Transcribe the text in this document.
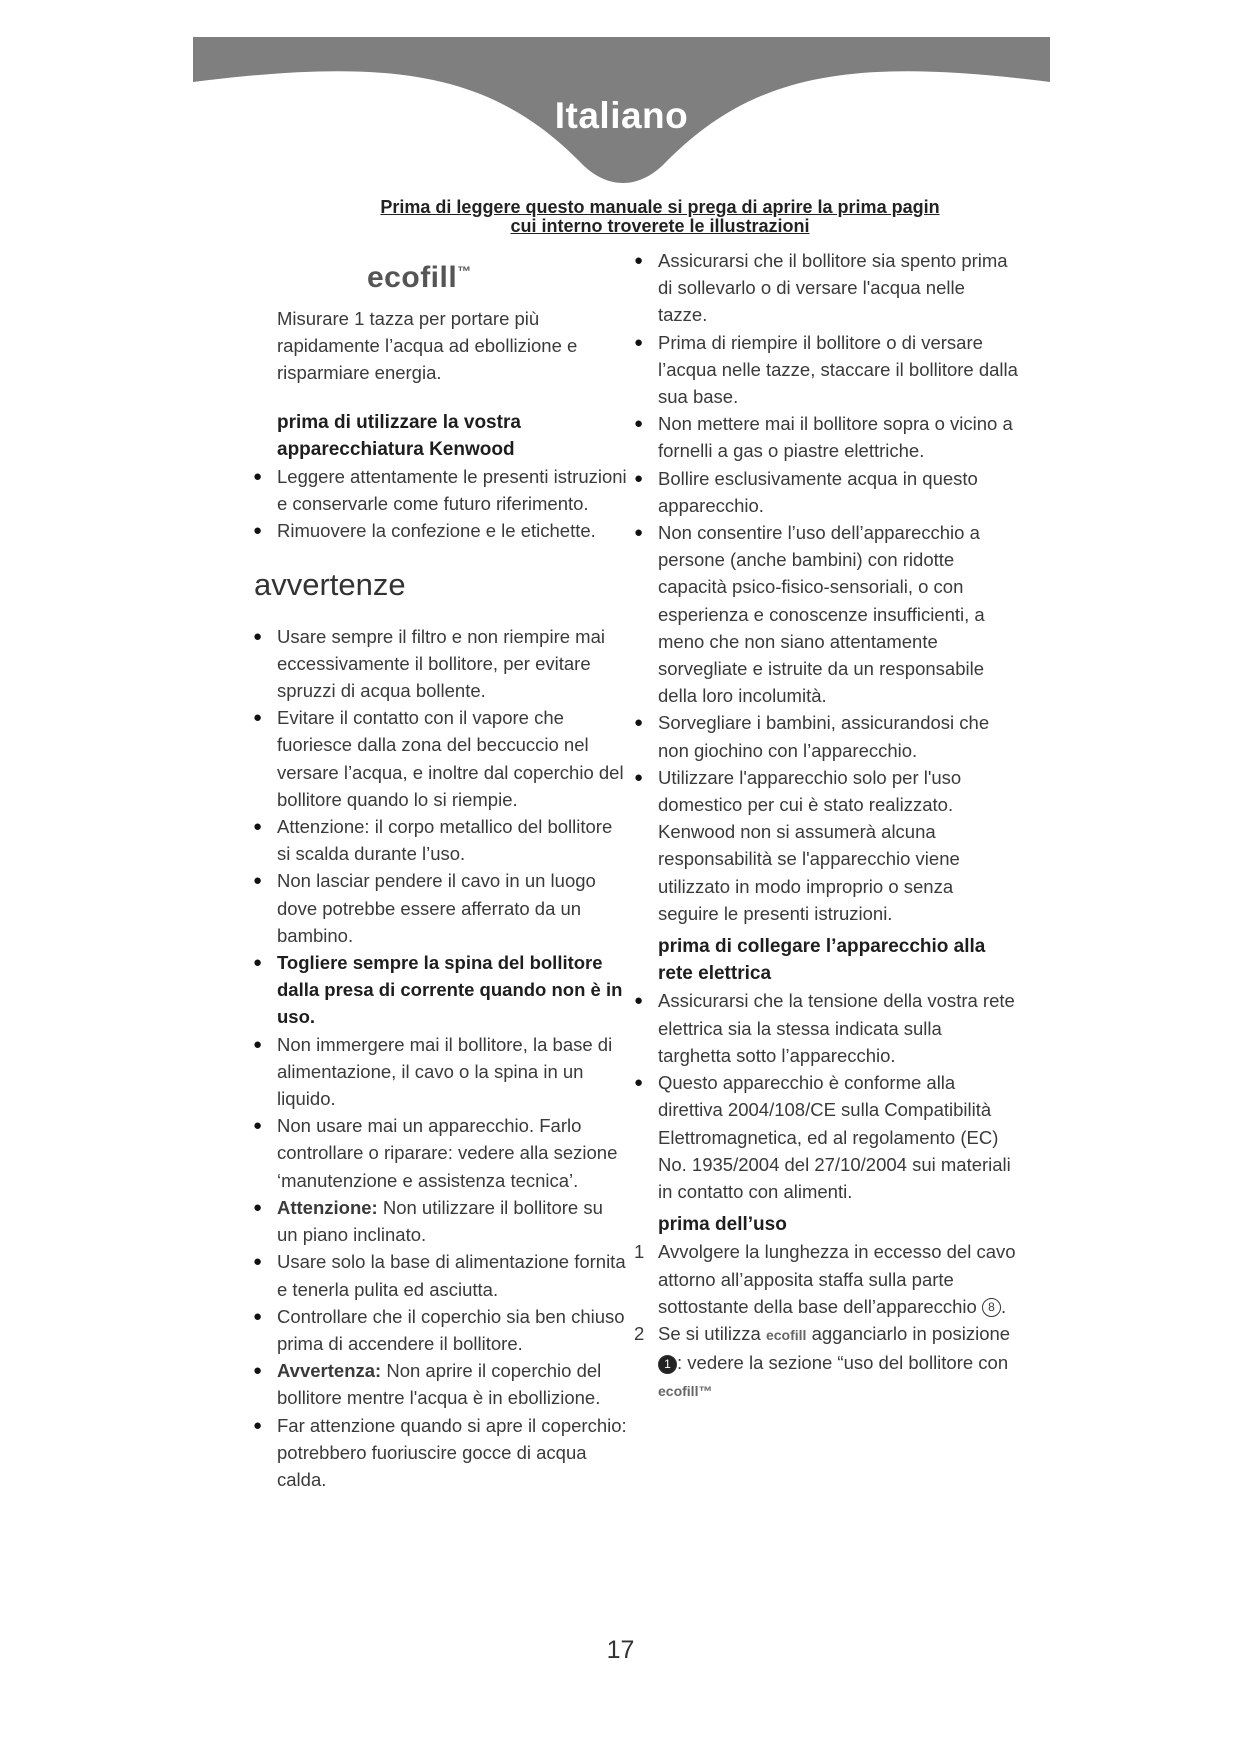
Italiano
Prima di leggere questo manuale si prega di aprire la prima pagin
cui interno troverete le illustrazioni
ecofill™

Misurare 1 tazza per portare più rapidamente l’acqua ad ebollizione e risparmiare energia.

prima di utilizzare la vostra apparecchiatura Kenwood

● Leggere attentamente le presenti istruzioni e conservarle come futuro riferimento.
● Rimuovere la confezione e le etichette.
avvertenze
● Usare sempre il filtro e non riempire mai eccessivamente il bollitore, per evitare spruzzi di acqua bollente.
● Evitare il contatto con il vapore che fuoriesce dalla zona del beccuccio nel versare l’acqua, e inoltre dal coperchio del bollitore quando lo si riempie.
● Attenzione: il corpo metallico del bollitore si scalda durante l’uso.
● Non lasciar pendere il cavo in un luogo dove potrebbe essere afferrato da un bambino.
● Togliere sempre la spina del bollitore dalla presa di corrente quando non è in uso.
● Non immergere mai il bollitore, la base di alimentazione, il cavo o la spina in un liquido.
● Non usare mai un apparecchio. Farlo controllare o riparare: vedere alla sezione ‘manutenzione e assistenza tecnica’.
● Attenzione: Non utilizzare il bollitore su un piano inclinato.
● Usare solo la base di alimentazione fornita e tenerla pulita ed asciutta.
● Controllare che il coperchio sia ben chiuso prima di accendere il bollitore.
● Avvertenza: Non aprire il coperchio del bollitore mentre l'acqua è in ebollizione.
● Far attenzione quando si apre il coperchio: potrebbero fuoriuscire gocce di acqua calda.
● Assicurarsi che il bollitore sia spento prima di sollevarlo o di versare l'acqua nelle tazze.
● Prima di riempire il bollitore o di versare l’acqua nelle tazze, staccare il bollitore dalla sua base.
● Non mettere mai il bollitore sopra o vicino a fornelli a gas o piastre elettriche.
● Bollire esclusivamente acqua in questo apparecchio.
● Non consentire l’uso dell’apparecchio a persone (anche bambini) con ridotte capacità psico-fisico-sensoriali, o con esperienza e conoscenze insufficienti, a meno che non siano attentamente sorvegliate e istruite da un responsabile della loro incolumità.
● Sorvegliare i bambini, assicurandosi che non giochino con l’apparecchio.
● Utilizzare l'apparecchio solo per l'uso domestico per cui è stato realizzato. Kenwood non si assumerà alcuna responsabilità se l'apparecchio viene utilizzato in modo improprio o senza seguire le presenti istruzioni.

prima di collegare l’apparecchio alla rete elettrica

● Assicurarsi che la tensione della vostra rete elettrica sia la stessa indicata sulla targhetta sotto l’apparecchio.
● Questo apparecchio è conforme alla direttiva 2004/108/CE sulla Compatibilità Elettromagnetica, ed al regolamento (EC) No. 1935/2004 del 27/10/2004 sui materiali in contatto con alimenti.

prima dell’uso

1 Avvolgere la lunghezza in eccesso del cavo attorno all’apposita staffa sulla parte sottostante della base dell’apparecchio 8 .
2 Se si utilizza ecofill agganciarlo in posizione 1 : vedere la sezione “uso del bollitore con ecofill™
17
